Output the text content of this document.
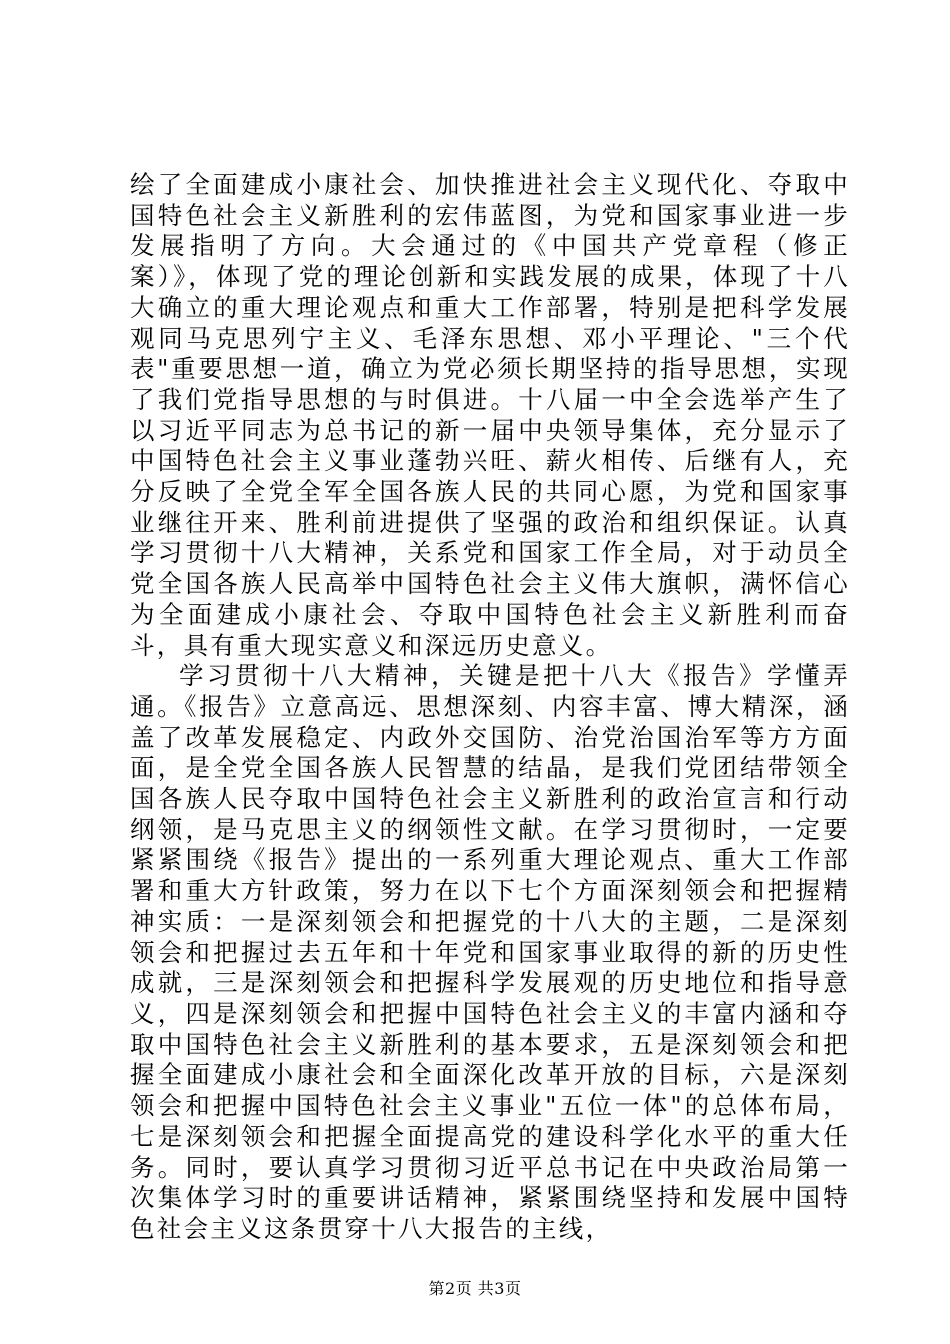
绘了全面建成小康社会、加快推进社会主义现代化、夺取中国特色社会主义新胜利的宏伟蓝图，为党和国家事业进一步发展指明了方向。大会通过的《中国共产党章程（修正案）》，体现了党的理论创新和实践发展的成果，体现了十八大确立的重大理论观点和重大工作部署，特别是把科学发展观同马克思列宁主义、毛泽东思想、邓小平理论、"三个代表"重要思想一道，确立为党必须长期坚持的指导思想，实现了我们党指导思想的与时俱进。十八届一中全会选举产生了以习近平同志为总书记的新一届中央领导集体，充分显示了中国特色社会主义事业蓬勃兴旺、薪火相传、后继有人，充分反映了全党全军全国各族人民的共同心愿，为党和国家事业继往开来、胜利前进提供了坚强的政治和组织保证。认真学习贯彻十八大精神，关系党和国家工作全局，对于动员全党全国各族人民高举中国特色社会主义伟大旗帜，满怀信心为全面建成小康社会、夺取中国特色社会主义新胜利而奋斗，具有重大现实意义和深远历史意义。

学习贯彻十八大精神，关键是把十八大《报告》学懂弄通。《报告》立意高远、思想深刻、内容丰富、博大精深，涵盖了改革发展稳定、内政外交国防、治党治国治军等方方面面，是全党全国各族人民智慧的结晶，是我们党团结带领全国各族人民夺取中国特色社会主义新胜利的政治宣言和行动纲领，是马克思主义的纲领性文献。在学习贯彻时，一定要紧紧围绕《报告》提出的一系列重大理论观点、重大工作部署和重大方针政策，努力在以下七个方面深刻领会和把握精神实质：一是深刻领会和把握党的十八大的主题，二是深刻领会和把握过去五年和十年党和国家事业取得的新的历史性成就，三是深刻领会和把握科学发展观的历史地位和指导意义，四是深刻领会和把握中国特色社会主义的丰富内涵和夺取中国特色社会主义新胜利的基本要求，五是深刻领会和把握全面建成小康社会和全面深化改革开放的目标，六是深刻领会和把握中国特色社会主义事业"五位一体"的总体布局，七是深刻领会和把握全面提高党的建设科学化水平的重大任务。同时，要认真学习贯彻习近平总书记在中央政治局第一次集体学习时的重要讲话精神，紧紧围绕坚持和发展中国特色社会主义这条贯穿十八大报告的主线，

第2页 共3页
